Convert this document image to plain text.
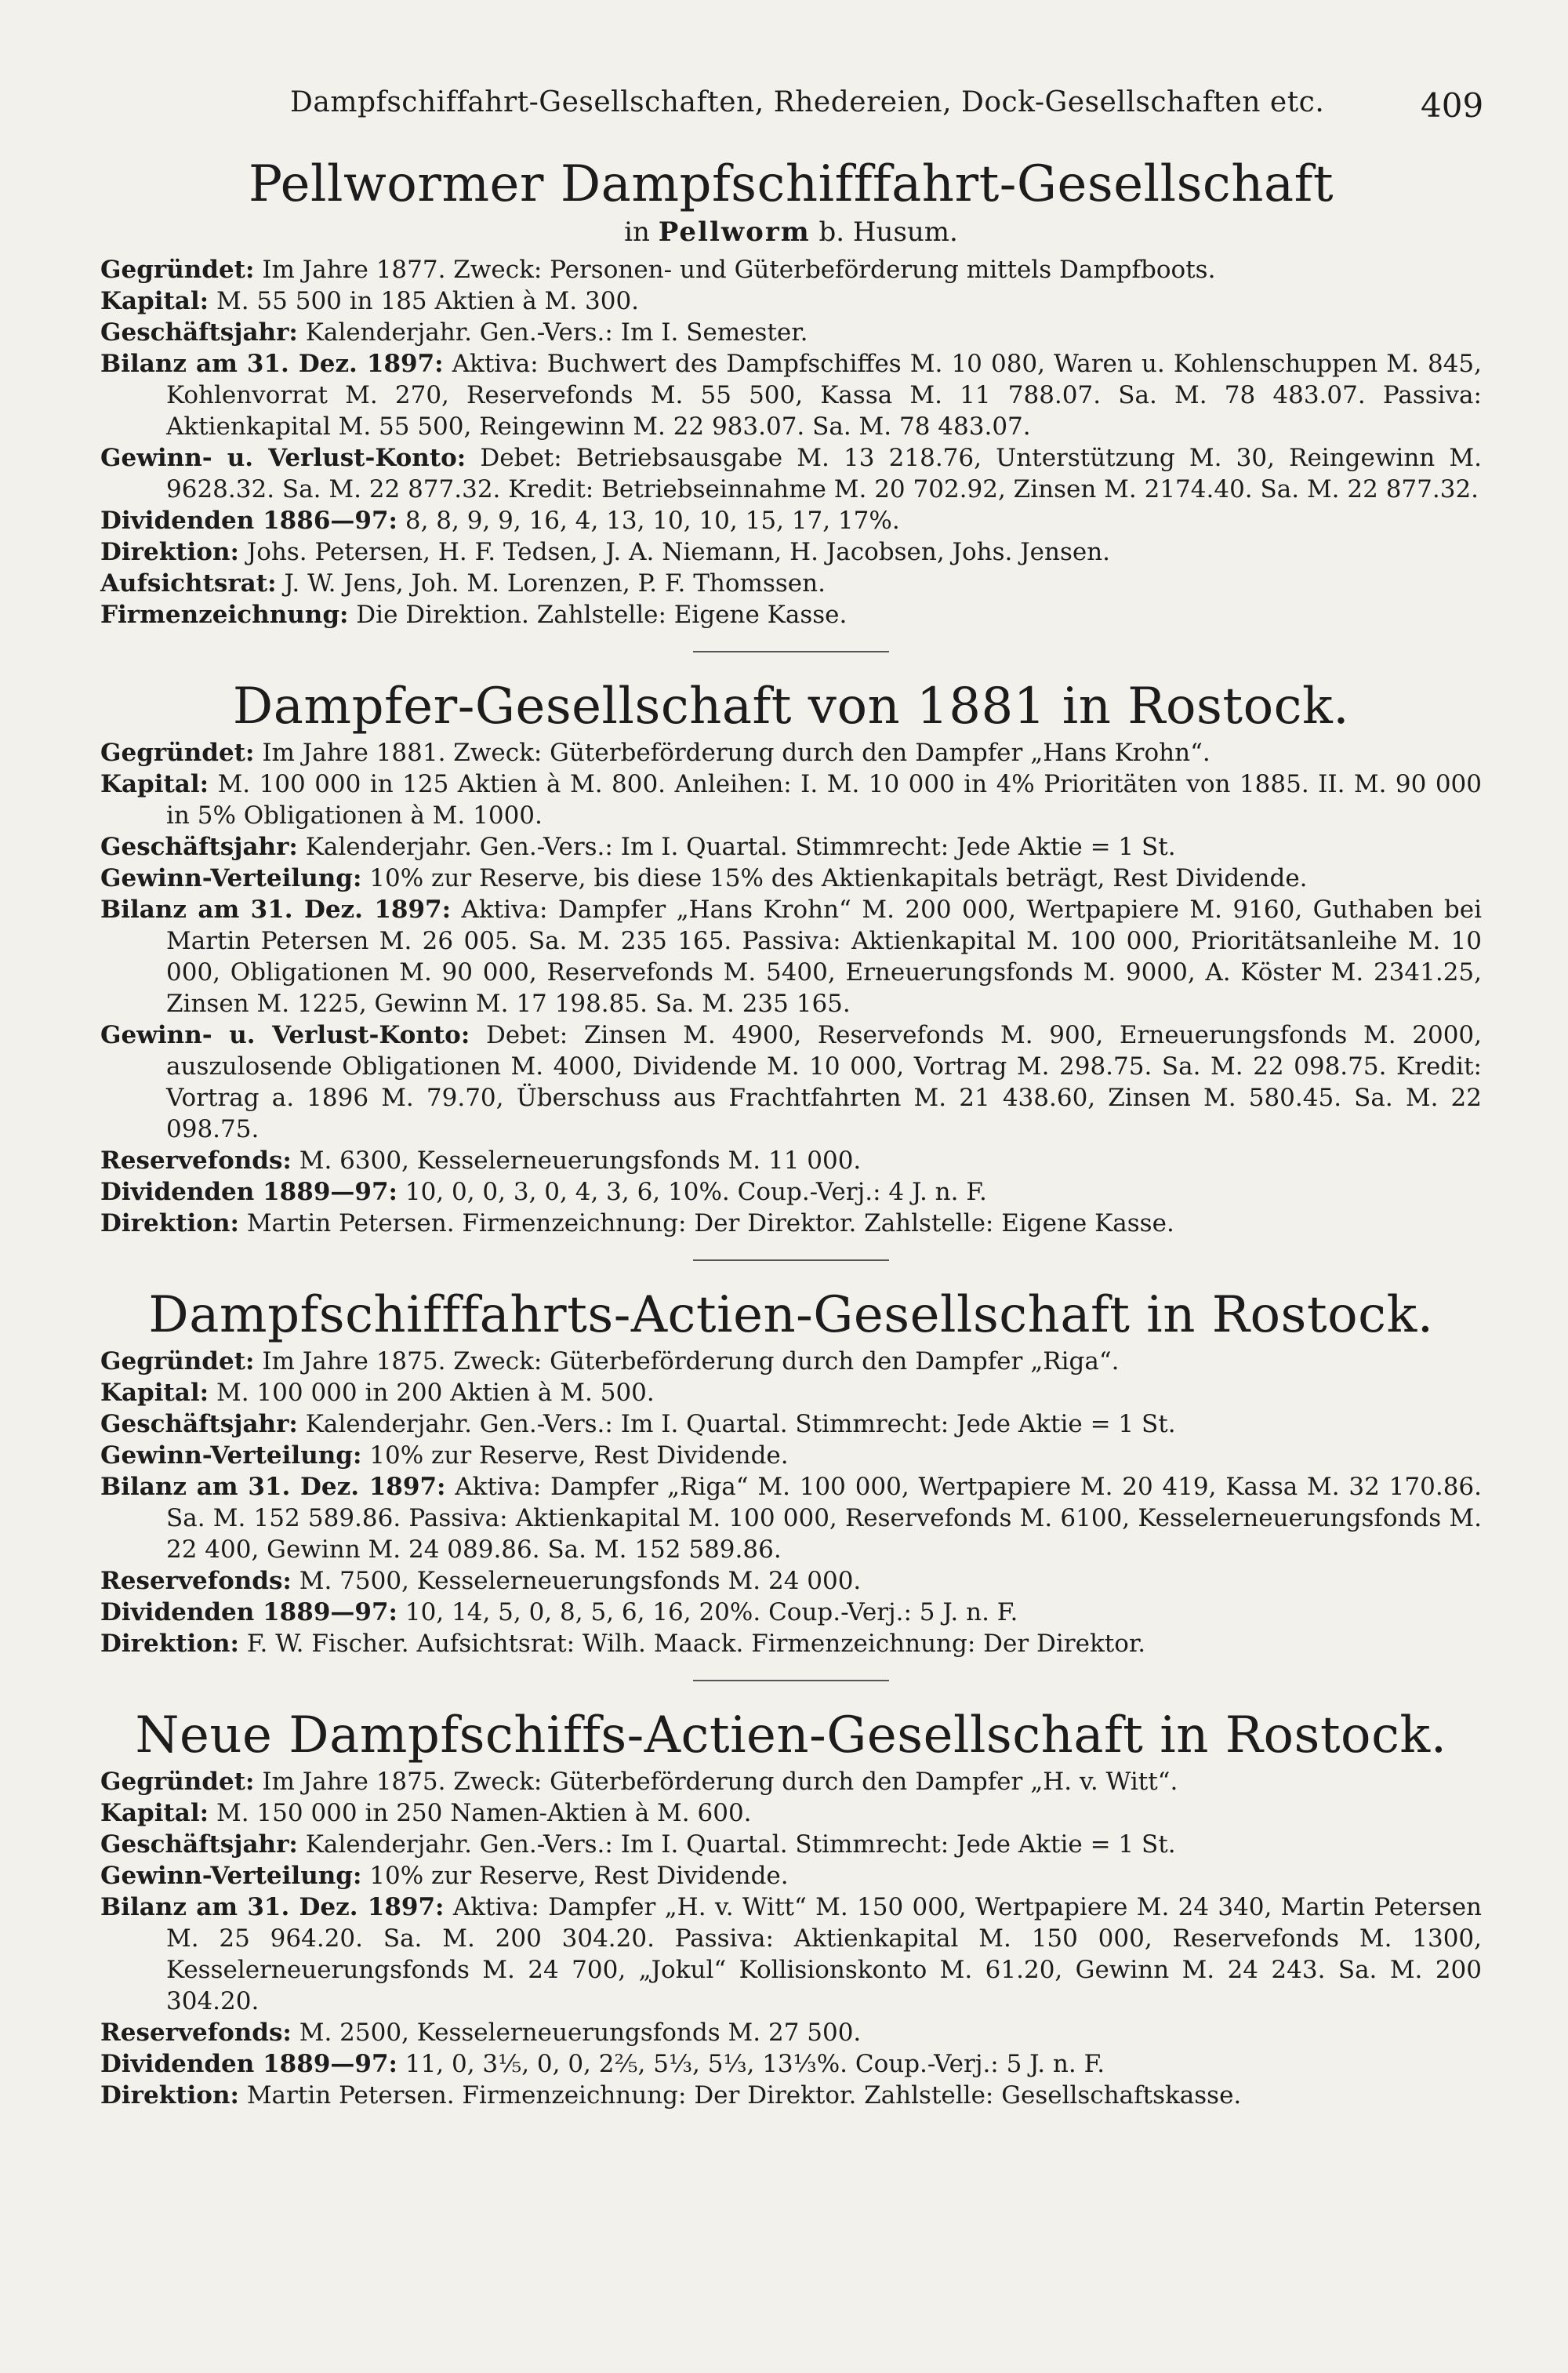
Dampfschiffahrt-Gesellschaften, Rhedereien, Dock-Gesellschaften etc.	409
Pellwormer Dampfschifffahrt-Gesellschaft

in Pellworm b. Husum.

Gegründet: Im Jahre 1877. Zweck: Personen- und Güterbeförderung mittels Dampfboots.

Kapital: M. 55 500 in 185 Aktien à M. 300.

Geschäftsjahr: Kalenderjahr. Gen.-Vers.: Im I. Semester.

Bilanz am 31. Dez. 1897: Aktiva: Buchwert des Dampfschiffes M. 10 080, Waren u. Kohlenschuppen M. 845, Kohlenvorrat M. 270, Reservefonds M. 55 500, Kassa M. 11 788.07. Sa. M. 78 483.07. Passiva: Aktienkapital M. 55 500, Reingewinn M. 22 983.07. Sa. M. 78 483.07.

Gewinn- u. Verlust-Konto: Debet: Betriebsausgabe M. 13 218.76, Unterstützung M. 30, Reingewinn M. 9628.32. Sa. M. 22 877.32. Kredit: Betriebseinnahme M. 20 702.92, Zinsen M. 2174.40. Sa. M. 22 877.32.

Dividenden 1886—97: 8, 8, 9, 9, 16, 4, 13, 10, 10, 15, 17, 17%.

Direktion: Johs. Petersen, H. F. Tedsen, J. A. Niemann, H. Jacobsen, Johs. Jensen.

Aufsichtsrat: J. W. Jens, Joh. M. Lorenzen, P. F. Thomssen.

Firmenzeichnung: Die Direktion. Zahlstelle: Eigene Kasse.

Dampfer-Gesellschaft von 1881 in Rostock.

Gegründet: Im Jahre 1881. Zweck: Güterbeförderung durch den Dampfer „Hans Krohn“.

Kapital: M. 100 000 in 125 Aktien à M. 800. Anleihen: I. M. 10 000 in 4% Prioritäten von 1885. II. M. 90 000 in 5% Obligationen à M. 1000.

Geschäftsjahr: Kalenderjahr. Gen.-Vers.: Im I. Quartal. Stimmrecht: Jede Aktie = 1 St.

Gewinn-Verteilung: 10% zur Reserve, bis diese 15% des Aktienkapitals beträgt, Rest Dividende.

Bilanz am 31. Dez. 1897: Aktiva: Dampfer „Hans Krohn“ M. 200 000, Wertpapiere M. 9160, Guthaben bei Martin Petersen M. 26 005. Sa. M. 235 165. Passiva: Aktienkapital M. 100 000, Prioritätsanleihe M. 10 000, Obligationen M. 90 000, Reservefonds M. 5400, Erneuerungsfonds M. 9000, A. Köster M. 2341.25, Zinsen M. 1225, Gewinn M. 17 198.85. Sa. M. 235 165.

Gewinn- u. Verlust-Konto: Debet: Zinsen M. 4900, Reservefonds M. 900, Erneuerungsfonds M. 2000, auszulosende Obligationen M. 4000, Dividende M. 10 000, Vortrag M. 298.75. Sa. M. 22 098.75. Kredit: Vortrag a. 1896 M. 79.70, Überschuss aus Frachtfahrten M. 21 438.60, Zinsen M. 580.45. Sa. M. 22 098.75.

Reservefonds: M. 6300, Kesselerneuerungsfonds M. 11 000.

Dividenden 1889—97: 10, 0, 0, 3, 0, 4, 3, 6, 10%. Coup.-Verj.: 4 J. n. F.

Direktion: Martin Petersen. Firmenzeichnung: Der Direktor. Zahlstelle: Eigene Kasse.

Dampfschifffahrts-Actien-Gesellschaft in Rostock.

Gegründet: Im Jahre 1875. Zweck: Güterbeförderung durch den Dampfer „Riga“.

Kapital: M. 100 000 in 200 Aktien à M. 500.

Geschäftsjahr: Kalenderjahr. Gen.-Vers.: Im I. Quartal. Stimmrecht: Jede Aktie = 1 St.

Gewinn-Verteilung: 10% zur Reserve, Rest Dividende.

Bilanz am 31. Dez. 1897: Aktiva: Dampfer „Riga“ M. 100 000, Wertpapiere M. 20 419, Kassa M. 32 170.86. Sa. M. 152 589.86. Passiva: Aktienkapital M. 100 000, Reservefonds M. 6100, Kesselerneuerungsfonds M. 22 400, Gewinn M. 24 089.86. Sa. M. 152 589.86.

Reservefonds: M. 7500, Kesselerneuerungsfonds M. 24 000.

Dividenden 1889—97: 10, 14, 5, 0, 8, 5, 6, 16, 20%. Coup.-Verj.: 5 J. n. F.

Direktion: F. W. Fischer. Aufsichtsrat: Wilh. Maack. Firmenzeichnung: Der Direktor.

Neue Dampfschiffs-Actien-Gesellschaft in Rostock.

Gegründet: Im Jahre 1875. Zweck: Güterbeförderung durch den Dampfer „H. v. Witt“.

Kapital: M. 150 000 in 250 Namen-Aktien à M. 600.

Geschäftsjahr: Kalenderjahr. Gen.-Vers.: Im I. Quartal. Stimmrecht: Jede Aktie = 1 St.

Gewinn-Verteilung: 10% zur Reserve, Rest Dividende.

Bilanz am 31. Dez. 1897: Aktiva: Dampfer „H. v. Witt“ M. 150 000, Wertpapiere M. 24 340, Martin Petersen M. 25 964.20. Sa. M. 200 304.20. Passiva: Aktienkapital M. 150 000, Reservefonds M. 1300, Kesselerneuerungsfonds M. 24 700, „Jokul“ Kollisionskonto M. 61.20, Gewinn M. 24 243. Sa. M. 200 304.20.

Reservefonds: M. 2500, Kesselerneuerungsfonds M. 27 500.

Dividenden 1889—97: 11, 0, 3⅕, 0, 0, 2⅖, 5⅓, 5⅓, 13⅓%. Coup.-Verj.: 5 J. n. F.

Direktion: Martin Petersen. Firmenzeichnung: Der Direktor. Zahlstelle: Gesellschaftskasse.
